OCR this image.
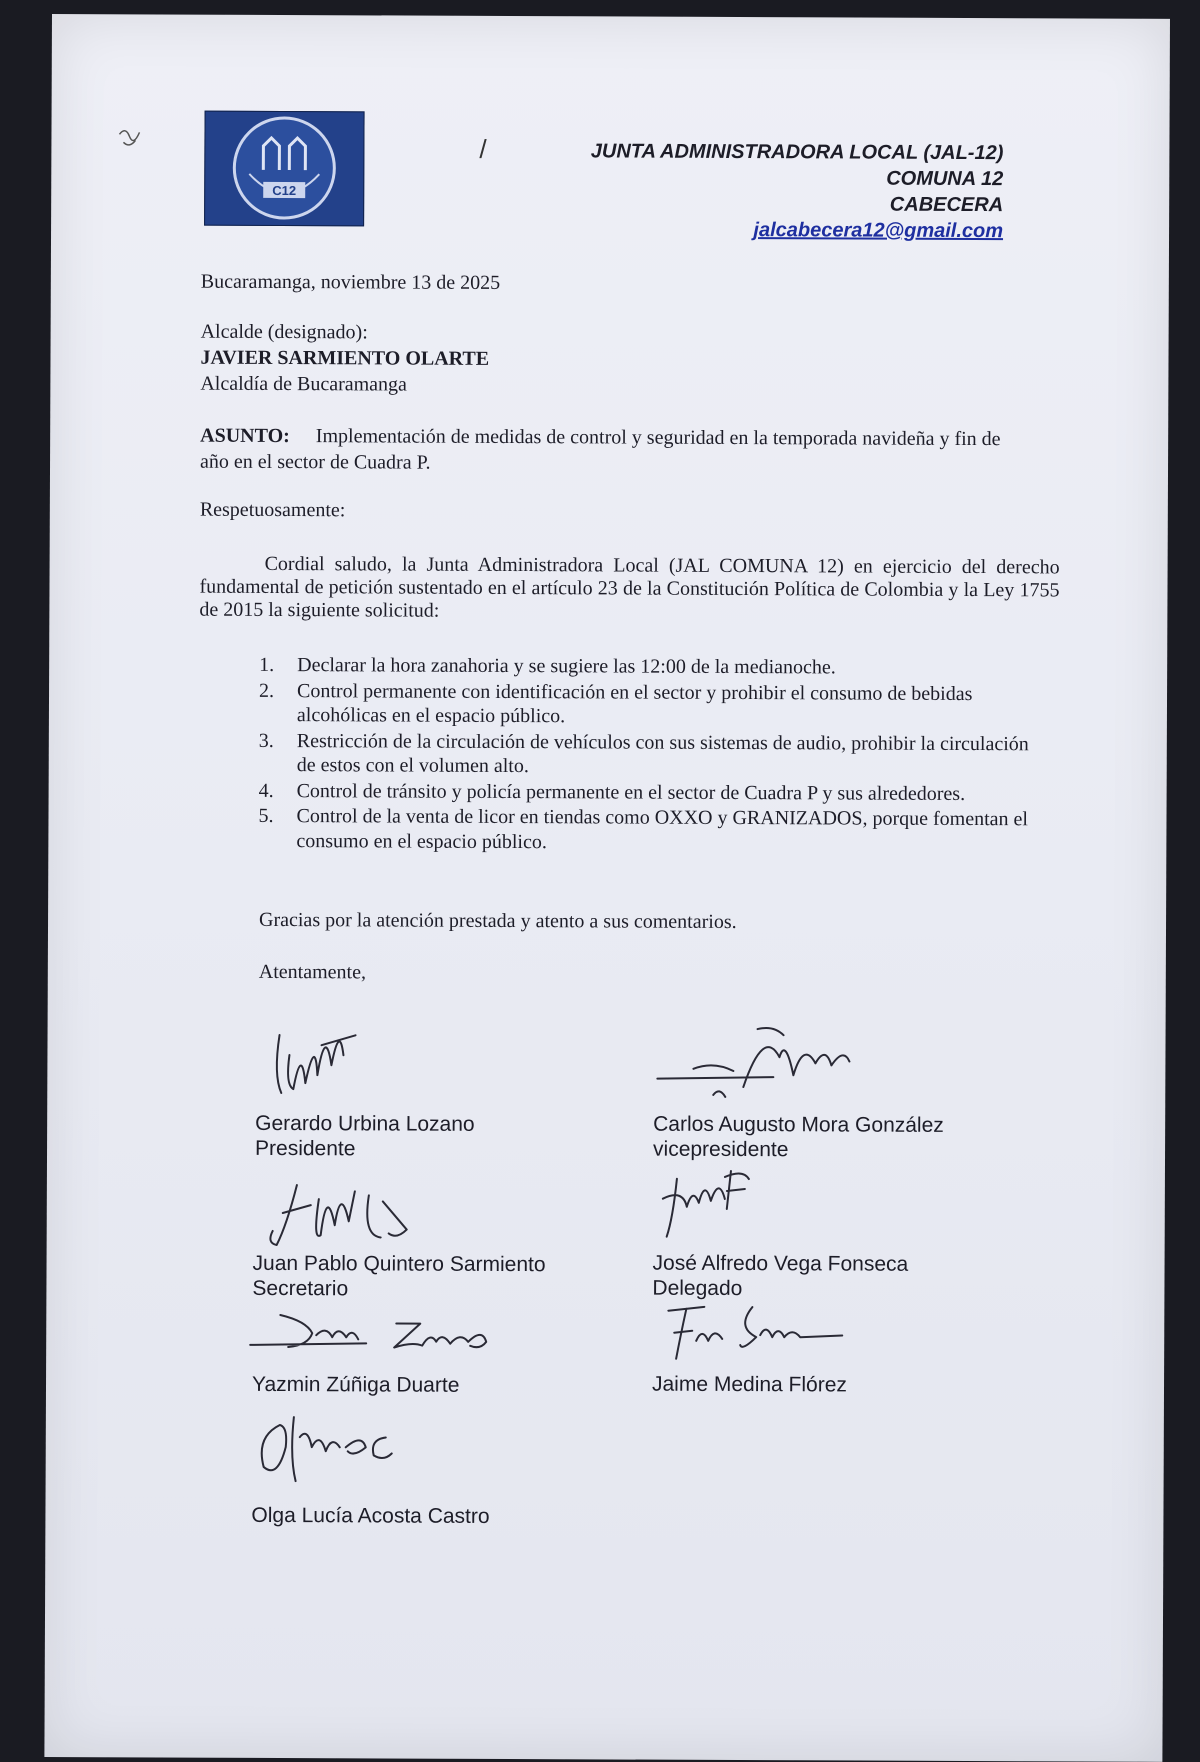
C12
/	JUNTA ADMINISTRADORA LOCAL (JAL-12)
COMUNA 12
CABECERA
jalcabecera12@gmail.com
Bucaramanga, noviembre 13 de 2025
Alcalde (designado):
JAVIER SARMIENTO OLARTE
Alcaldía de Bucaramanga
ASUNTO: Implementación de medidas de control y seguridad en la temporada navideña y fin de año en el sector de Cuadra P.
Respetuosamente:
Cordial saludo, la Junta Administradora Local (JAL COMUNA 12) en ejercicio del derecho fundamental de petición sustentado en el artículo 23 de la Constitución Política de Colombia y la Ley 1755 de 2015 la siguiente solicitud:
1. Declarar la hora zanahoria y se sugiere las 12:00 de la medianoche.
2. Control permanente con identificación en el sector y prohibir el consumo de bebidas alcohólicas en el espacio público.
3. Restricción de la circulación de vehículos con sus sistemas de audio, prohibir la circulación de estos con el volumen alto.
4. Control de tránsito y policía permanente en el sector de Cuadra P y sus alrededores.
5. Control de la venta de licor en tiendas como OXXO y GRANIZADOS, porque fomentan el consumo en el espacio público.
Gracias por la atención prestada y atento a sus comentarios.
Atentamente,
Gerardo Urbina Lozano
Presidente
Carlos Augusto Mora González
vicepresidente
Juan Pablo Quintero Sarmiento
Secretario
José Alfredo Vega Fonseca
Delegado
Yazmin Zúñiga Duarte	Jaime Medina Flórez
Olga Lucía Acosta Castro
